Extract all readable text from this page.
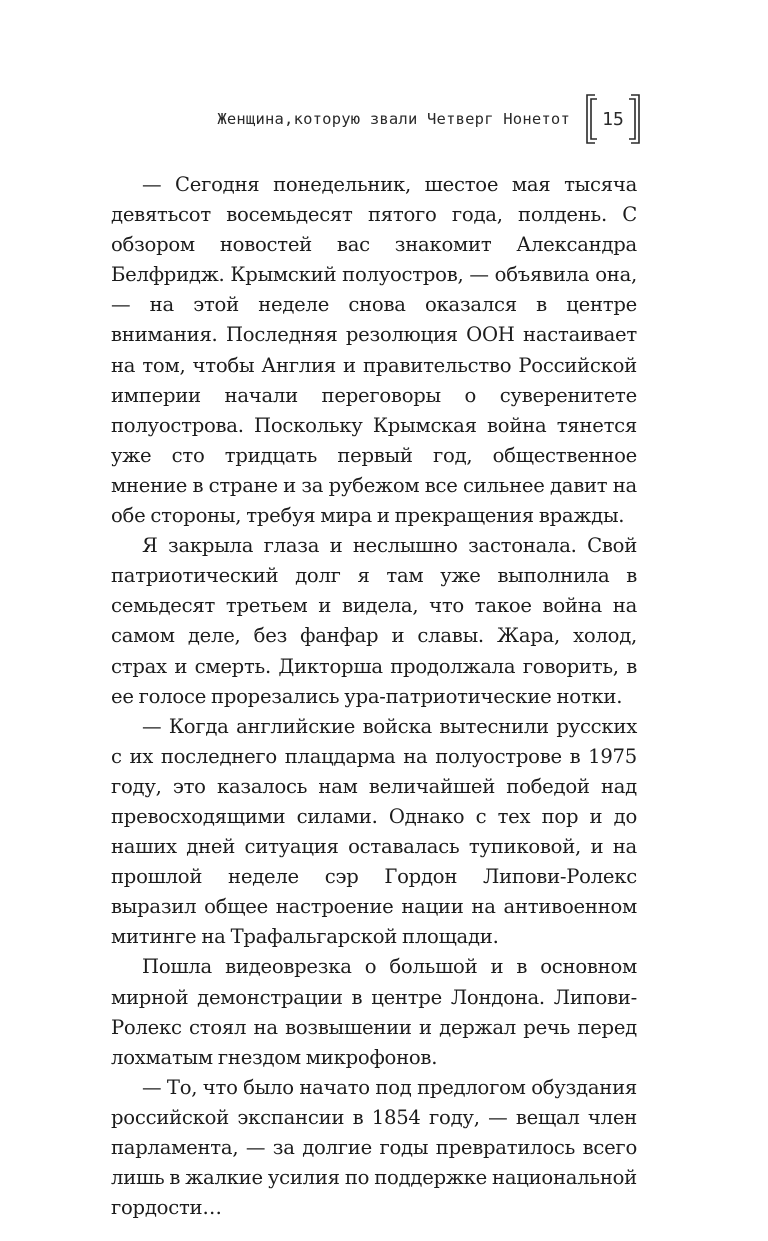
Женщина,которую звали Четверг Нонетот 15

— Сегодня понедельник, шестое мая тысяча девятьсот восемьдесят пятого года, полдень. С обзором новостей вас знакомит Александра Белфридж. Крымский полуостров, — объявила она, — на этой неделе снова оказался в центре внимания. Последняя резолюция ООН настаивает на том, чтобы Англия и правительство Российской империи начали переговоры о суверенитете полуострова. Поскольку Крымская война тянется уже сто тридцать первый год, общественное мнение в стране и за рубежом все сильнее давит на обе стороны, требуя мира и прекращения вражды.

Я закрыла глаза и неслышно застонала. Свой патриотический долг я там уже выполнила в семьдесят третьем и видела, что такое война на самом деле, без фанфар и славы. Жара, холод, страх и смерть. Дикторша продолжала говорить, в ее голосе прорезались ура-патриотические нотки.

— Когда английские войска вытеснили русских с их последнего плацдарма на полуострове в 1975 году, это казалось нам величайшей победой над превосходящими силами. Однако с тех пор и до наших дней ситуация оставалась тупиковой, и на прошлой неделе сэр Гордон Липови-Ролекс выразил общее настроение нации на антивоенном митинге на Трафальгарской площади.

Пошла видеоврезка о большой и в основном мирной демонстрации в центре Лондона. Липови-Ролекс стоял на возвышении и держал речь перед лохматым гнездом микрофонов.

— То, что было начато под предлогом обуздания российской экспансии в 1854 году, — вещал член парламента, — за долгие годы превратилось всего лишь в жалкие усилия по поддержке национальной гордости…
